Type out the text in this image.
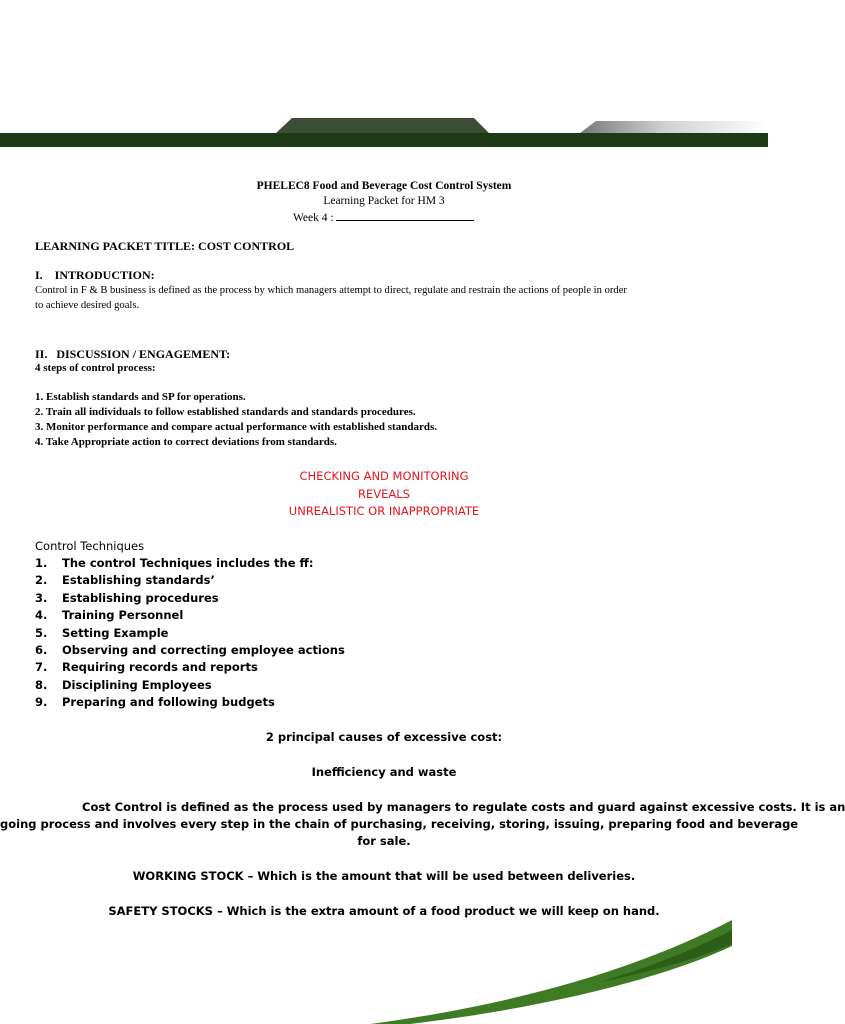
PHELEC8 Food and Beverage Cost Control System
Learning Packet for HM 3
Week 4 :
LEARNING PACKET TITLE: COST CONTROL
I.    INTRODUCTION:
Control in F & B business is defined as the process by which managers attempt to direct, regulate and restrain the actions of people in order
to achieve desired goals.
II.   DISCUSSION / ENGAGEMENT:
4 steps of control process:
1. Establish standards and SP for operations.
2. Train all individuals to follow established standards and standards procedures.
3. Monitor performance and compare actual performance with established standards.
4. Take Appropriate action to correct deviations from standards.
CHECKING AND MONITORING
REVEALS
UNREALISTIC OR INAPPROPRIATE
Control Techniques
1. The control Techniques includes the ff:
2. Establishing standards’
3. Establishing procedures
4. Training Personnel
5. Setting Example
6. Observing and correcting employee actions
7. Requiring records and reports
8. Disciplining Employees
9. Preparing and following budgets
2 principal causes of excessive cost:
Inefficiency and waste
Cost Control is defined as the process used by managers to regulate costs and guard against excessive costs. It is an
going process and involves every step in the chain of purchasing, receiving, storing, issuing, preparing food and beverage
for sale.
WORKING STOCK – Which is the amount that will be used between deliveries.
SAFETY STOCKS – Which is the extra amount of a food product we will keep on hand.
